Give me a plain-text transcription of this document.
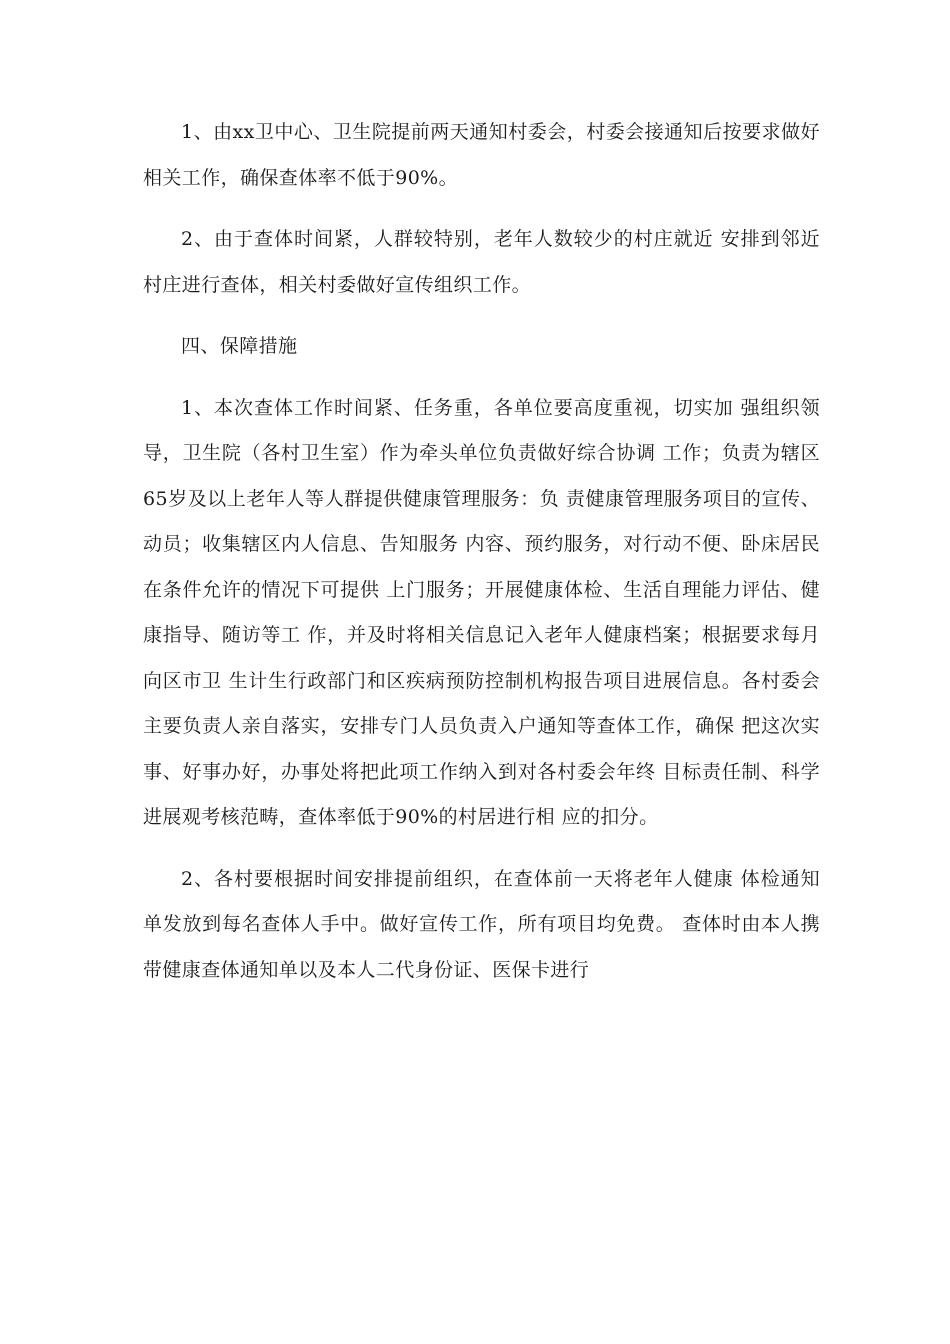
1、由xx卫中心、卫生院提前两天通知村委会，村委会接通知后按要求做好相关工作，确保查体率不低于90%。

2、由于查体时间紧，人群较特别，老年人数较少的村庄就近 安排到邻近村庄进行查体，相关村委做好宣传组织工作。

四、保障措施

1、本次查体工作时间紧、任务重，各单位要高度重视，切实加 强组织领导，卫生院（各村卫生室）作为牵头单位负责做好综合协调 工作；负责为辖区65岁及以上老年人等人群提供健康管理服务：负 责健康管理服务项目的宣传、动员；收集辖区内人信息、告知服务 内容、预约服务，对行动不便、卧床居民在条件允许的情况下可提供 上门服务；开展健康体检、生活自理能力评估、健康指导、随访等工 作，并及时将相关信息记入老年人健康档案；根据要求每月向区市卫 生计生行政部门和区疾病预防控制机构报告项目进展信息。各村委会 主要负责人亲自落实，安排专门人员负责入户通知等查体工作，确保 把这次实事、好事办好，办事处将把此项工作纳入到对各村委会年终 目标责任制、科学进展观考核范畴，查体率低于90%的村居进行相 应的扣分。

2、各村要根据时间安排提前组织，在查体前一天将老年人健康 体检通知单发放到每名查体人手中。做好宣传工作，所有项目均免费。 查体时由本人携带健康查体通知单以及本人二代身份证、医保卡进行
